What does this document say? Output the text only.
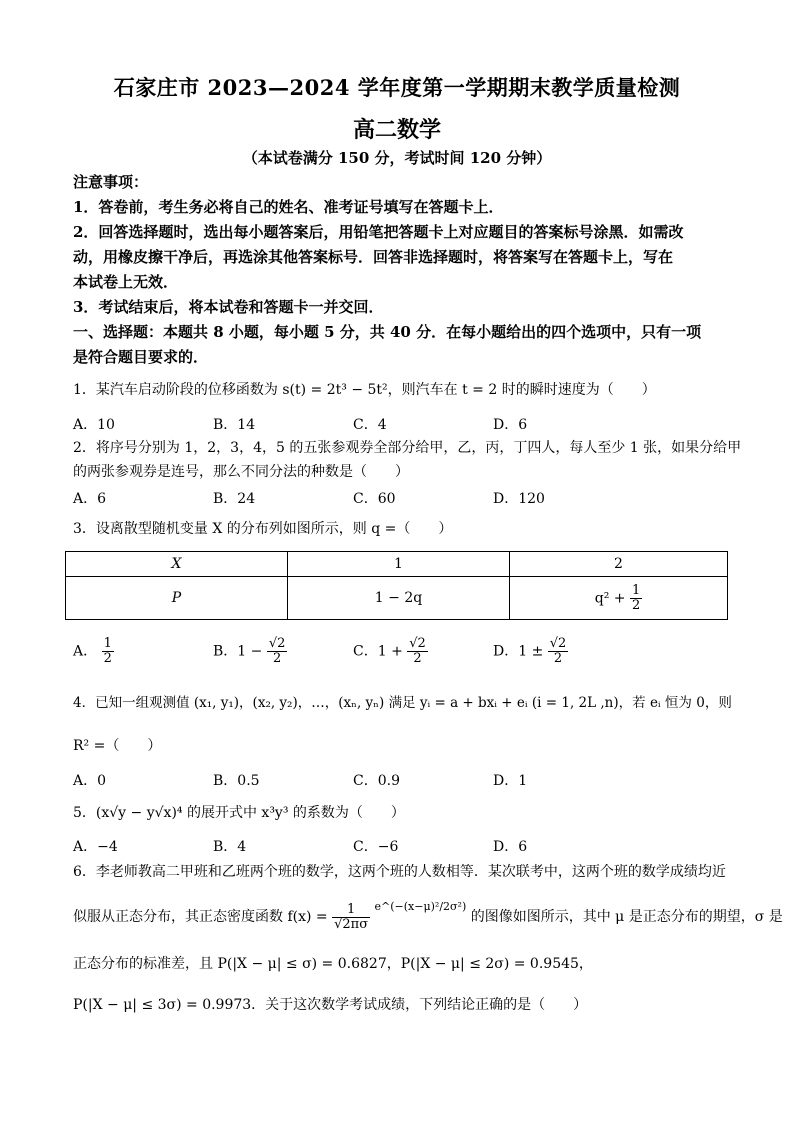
石家庄市 2023—2024 学年度第一学期期末教学质量检测
高二数学
（本试卷满分 150 分，考试时间 120 分钟）
注意事项：
1．答卷前，考生务必将自己的姓名、准考证号填写在答题卡上．
2．回答选择题时，选出每小题答案后，用铅笔把答题卡上对应题目的答案标号涂黑．如需改
动，用橡皮擦干净后，再选涂其他答案标号．回答非选择题时，将答案写在答题卡上，写在
本试卷上无效．
3．考试结束后，将本试卷和答题卡一并交回．
一、选择题：本题共 8 小题，每小题 5 分，共 40 分．在每小题给出的四个选项中，只有一项
是符合题目要求的．
1．某汽车启动阶段的位移函数为 s(t) = 2t³ − 5t²，则汽车在 t = 2 时的瞬时速度为（　　）
A．10	B．14	C．4	D．6
2．将序号分别为 1，2，3，4，5 的五张参观券全部分给甲，乙，丙，丁四人，每人至少 1 张，如果分给甲
的两张参观券是连号，那么不同分法的种数是（　　）
A．6	B．24	C．60	D．120
3．设离散型随机变量 X 的分布列如图所示，则 q =（　　）
X	1	2
P	1 − 2q	$q^2 + \frac{1}{2}$
A． $\frac{1}{2}$	B．$1 - \frac{√2}{2}$	C．$1 + \frac{√2}{2}$	D．$1 \pm \frac{√2}{2}$
4．已知一组观测值 (x₁, y₁)，(x₂, y₂)，…，(xₙ, yₙ) 满足 yᵢ = a + bxᵢ + eᵢ (i = 1, 2L ,n)，若 eᵢ 恒为 0，则
R² =（　　）
A．0	B．0.5	C．0.9	D．1
5．(x√y − y√x)⁴ 的展开式中 x³y³ 的系数为（　　）
A．−4	B．4	C．−6	D．6
6．李老师教高二甲班和乙班两个班的数学，这两个班的人数相等．某次联考中，这两个班的数学成绩均近
似服从正态分布，其正态密度函数 $f(x) = \frac{1}{√2\pi\sigma} ^{e\^{}(-(x-\mu)^2/2\sigma^2)}$ 的图像如图所示，其中 μ 是正态分布的期望，σ 是
正态分布的标准差，且 P(|X − μ| ≤ σ) = 0.6827，P(|X − μ| ≤ 2σ) = 0.9545，
P(|X − μ| ≤ 3σ) = 0.9973．关于这次数学考试成绩，下列结论正确的是（　　）
